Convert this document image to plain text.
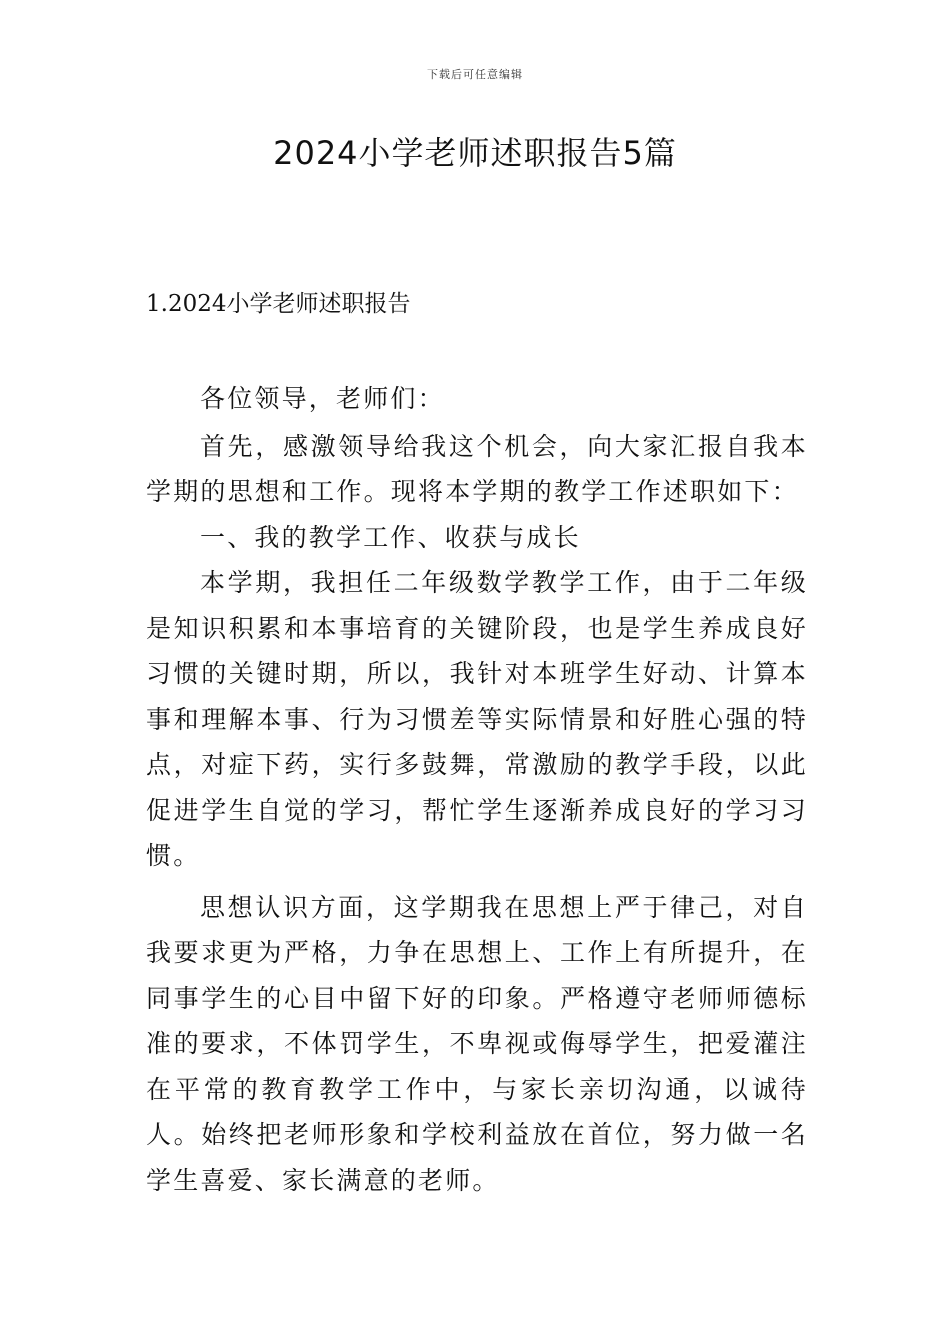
下载后可任意编辑
2024小学老师述职报告5篇
1.2024小学老师述职报告

各位领导，老师们：

首先，感激领导给我这个机会，向大家汇报自我本学期的思想和工作。现将本学期的教学工作述职如下：

一、我的教学工作、收获与成长

本学期，我担任二年级数学教学工作，由于二年级是知识积累和本事培育的关键阶段，也是学生养成良好习惯的关键时期，所以，我针对本班学生好动、计算本事和理解本事、行为习惯差等实际情景和好胜心强的特点，对症下药，实行多鼓舞，常激励的教学手段，以此促进学生自觉的学习，帮忙学生逐渐养成良好的学习习惯。

思想认识方面，这学期我在思想上严于律己，对自我要求更为严格，力争在思想上、工作上有所提升，在同事学生的心目中留下好的印象。严格遵守老师师德标准的要求，不体罚学生，不卑视或侮辱学生，把爱灌注在平常的教育教学工作中，与家长亲切沟通，以诚待人。始终把老师形象和学校利益放在首位，努力做一名学生喜爱、家长满意的老师。
